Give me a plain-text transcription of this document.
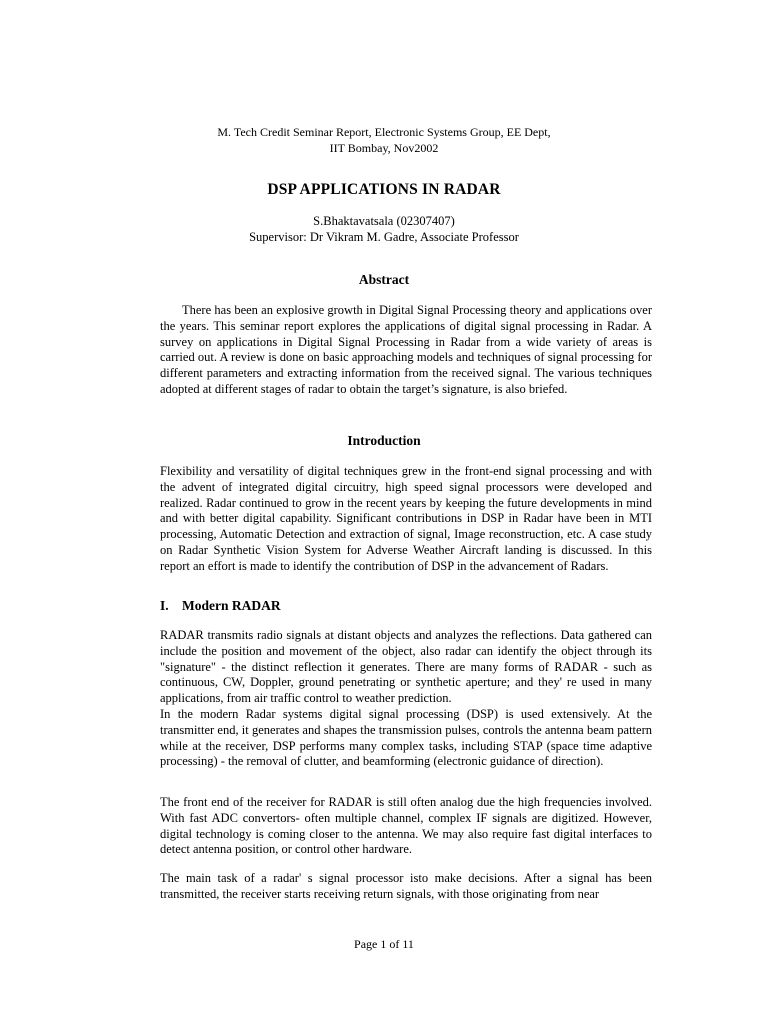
M. Tech Credit Seminar Report, Electronic Systems Group, EE Dept,
IIT Bombay, Nov2002
DSP APPLICATIONS IN RADAR
S.Bhaktavatsala (02307407)
Supervisor: Dr Vikram M. Gadre, Associate Professor
Abstract
There has been an explosive growth in Digital Signal Processing theory and applications over the years. This seminar report explores the applications of digital signal processing in Radar. A survey on applications in Digital Signal Processing in Radar from a wide variety of areas is carried out. A review is done on basic approaching models and techniques of signal processing for different parameters and extracting information from the received signal. The various techniques adopted at different stages of radar to obtain the target’s signature, is also briefed.
Introduction
Flexibility and versatility of digital techniques grew in the front-end signal processing and with the advent of integrated digital circuitry, high speed signal processors were developed and realized. Radar continued to grow in the recent years by keeping the future developments in mind and with better digital capability. Significant contributions in DSP in Radar have been in MTI processing, Automatic Detection and extraction of signal, Image reconstruction, etc. A case study on Radar Synthetic Vision System for Adverse Weather Aircraft landing is discussed. In this report an effort is made to identify the contribution of DSP in the advancement of Radars.
I. Modern RADAR
RADAR transmits radio signals at distant objects and analyzes the reflections. Data gathered can include the position and movement of the object, also radar can identify the object through its "signature" - the distinct reflection it generates. There are many forms of RADAR - such as continuous, CW, Doppler, ground penetrating or synthetic aperture; and they' re used in many applications, from air traffic control to weather prediction.
In the modern Radar systems digital signal processing (DSP) is used extensively. At the transmitter end, it generates and shapes the transmission pulses, controls the antenna beam pattern while at the receiver, DSP performs many complex tasks, including STAP (space time adaptive processing) - the removal of clutter, and beamforming (electronic guidance of direction).
The front end of the receiver for RADAR is still often analog due the high frequencies involved. With fast ADC convertors- often multiple channel, complex IF signals are digitized. However, digital technology is coming closer to the antenna. We may also require fast digital interfaces to detect antenna position, or control other hardware.
The main task of a radar' s signal processor isto make decisions. After a signal has been transmitted, the receiver starts receiving return signals, with those originating from near
Page 1 of 11
